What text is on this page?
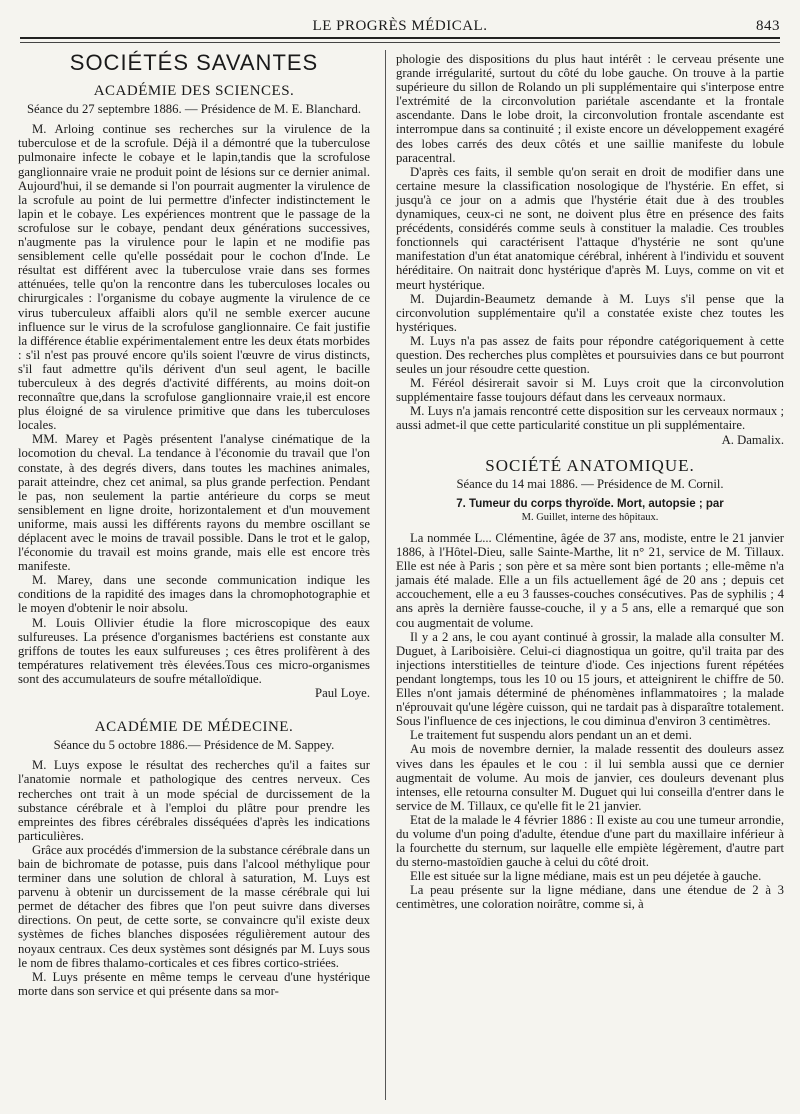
LE PROGRÈS MÉDICAL.	843
SOCIÉTÉS SAVANTES
ACADÉMIE DES SCIENCES.
Séance du 27 septembre 1886. — Présidence de M. E. Blanchard.

M. Arloing continue ses recherches sur la virulence de la tuberculose et de la scrofule. Déjà il a démontré que la tuberculose pulmonaire infecte le cobaye et le lapin,tandis que la scrofulose ganglionnaire vraie ne produit point de lésions sur ce dernier animal. Aujourd'hui, il se demande si l'on pourrait augmenter la virulence de la scrofule au point de lui permettre d'infecter indistinctement le lapin et le cobaye. Les expériences montrent que le passage de la scrofulose sur le cobaye, pendant deux générations successives, n'augmente pas la virulence pour le lapin et ne modifie pas sensiblement celle qu'elle possédait pour le cochon d'Inde. Le résultat est différent avec la tuberculose vraie dans ses formes atténuées, telle qu'on la rencontre dans les tuberculoses locales ou chirurgicales : l'organisme du cobaye augmente la virulence de ce virus tuberculeux affaibli alors qu'il ne semble exercer aucune influence sur le virus de la scrofulose ganglionnaire. Ce fait justifie la différence établie expérimentalement entre les deux états morbides : s'il n'est pas prouvé encore qu'ils soient l'œuvre de virus distincts, s'il faut admettre qu'ils dérivent d'un seul agent, le bacille tuberculeux à des degrés d'activité différents, au moins doit-on reconnaître que,dans la scrofulose ganglionnaire vraie,il est encore plus éloigné de sa virulence primitive que dans les tuberculoses locales.

MM. Marey et Pagès présentent l'analyse cinématique de la locomotion du cheval. La tendance à l'économie du travail que l'on constate, à des degrés divers, dans toutes les machines animales, parait atteindre, chez cet animal, sa plus grande perfection. Pendant le pas, non seulement la partie antérieure du corps se meut sensiblement en ligne droite, horizontalement et d'un mouvement uniforme, mais aussi les différents rayons du membre oscillant se déplacent avec le moins de travail possible. Dans le trot et le galop, l'économie du travail est moins grande, mais elle est encore très manifeste.

M. Marey, dans une seconde communication indique les conditions de la rapidité des images dans la chromophotographie et le moyen d'obtenir le noir absolu.

M. Louis Ollivier étudie la flore microscopique des eaux sulfureuses. La présence d'organismes bactériens est constante aux griffons de toutes les eaux sulfureuses ; ces êtres prolifèrent à des températures relativement très élevées.Tous ces micro-organismes sont des accumulateurs de soufre métalloïdique.

Paul Loye.

ACADÉMIE DE MÉDECINE.
Séance du 5 octobre 1886.— Présidence de M. Sappey.

M. Luys expose le résultat des recherches qu'il a faites sur l'anatomie normale et pathologique des centres nerveux. Ces recherches ont trait à un mode spécial de durcissement de la substance cérébrale et à l'emploi du plâtre pour prendre les empreintes des fibres cérébrales disséquées d'après les indications particulières.

Grâce aux procédés d'immersion de la substance cérébrale dans un bain de bichromate de potasse, puis dans l'alcool méthylique pour terminer dans une solution de chloral à saturation, M. Luys est parvenu à obtenir un durcissement de la masse cérébrale qui lui permet de détacher des fibres que l'on peut suivre dans diverses directions. On peut, de cette sorte, se convaincre qu'il existe deux systèmes de fiches blanches disposées régulièrement autour des noyaux centraux. Ces deux systèmes sont désignés par M. Luys sous le nom de fibres thalamo-corticales et ces fibres cortico-striées.

M. Luys présente en même temps le cerveau d'une hystérique morte dans son service et qui présente dans sa mor-

phologie des dispositions du plus haut intérêt : le cerveau présente une grande irrégularité, surtout du côté du lobe gauche. On trouve à la partie supérieure du sillon de Rolando un pli supplémentaire qui s'interpose entre l'extrémité de la circonvolution pariétale ascendante et la frontale ascendante. Dans le lobe droit, la circonvolution frontale ascendante est interrompue dans sa continuité ; il existe encore un développement exagéré des lobes carrés des deux côtés et une saillie manifeste du lobule paracentral.

D'après ces faits, il semble qu'on serait en droit de modifier dans une certaine mesure la classification nosologique de l'hystérie. En effet, si jusqu'à ce jour on a admis que l'hystérie était due à des troubles dynamiques, ceux-ci ne sont, ne doivent plus être en présence des faits précédents, considérés comme seuls à constituer la maladie. Ces troubles fonctionnels qui caractérisent l'attaque d'hystérie ne sont qu'une manifestation d'un état anatomique cérébral, inhérent à l'individu et souvent héréditaire. On naitrait donc hystérique d'après M. Luys, comme on vit et meurt hystérique.

M. Dujardin-Beaumetz demande à M. Luys s'il pense que la circonvolution supplémentaire qu'il a constatée existe chez toutes les hystériques.

M. Luys n'a pas assez de faits pour répondre catégoriquement à cette question. Des recherches plus complètes et poursuivies dans ce but pourront seules un jour résoudre cette question.

M. Féréol désirerait savoir si M. Luys croit que la circonvolution supplémentaire fasse toujours défaut dans les cerveaux normaux.

M. Luys n'a jamais rencontré cette disposition sur les cerveaux normaux ; aussi admet-il que cette particularité constitue un pli supplémentaire.

A. Damalix.

SOCIÉTÉ ANATOMIQUE.
Séance du 14 mai 1886. — Présidence de M. Cornil.
7. Tumeur du corps thyroïde. Mort, autopsie ; par
M. Guillet, interne des hôpitaux.

La nommée L... Clémentine, âgée de 37 ans, modiste, entre le 21 janvier 1886, à l'Hôtel-Dieu, salle Sainte-Marthe, lit n° 21, service de M. Tillaux. Elle est née à Paris ; son père et sa mère sont bien portants ; elle-même n'a jamais été malade. Elle a un fils actuellement âgé de 20 ans ; depuis cet accouchement, elle a eu 3 fausses-couches consécutives. Pas de syphilis ; 4 ans après la dernière fausse-couche, il y a 5 ans, elle a remarqué que son cou augmentait de volume.

Il y a 2 ans, le cou ayant continué à grossir, la malade alla consulter M. Duguet, à Lariboisière. Celui-ci diagnostiqua un goitre, qu'il traita par des injections interstitielles de teinture d'iode. Ces injections furent répétées pendant longtemps, tous les 10 ou 15 jours, et atteignirent le chiffre de 50. Elles n'ont jamais déterminé de phénomènes inflammatoires ; la malade n'éprouvait qu'une légère cuisson, qui ne tardait pas à disparaître totalement. Sous l'influence de ces injections, le cou diminua d'environ 3 centimètres.

Le traitement fut suspendu alors pendant un an et demi.

Au mois de novembre dernier, la malade ressentit des douleurs assez vives dans les épaules et le cou : il lui sembla aussi que ce dernier augmentait de volume. Au mois de janvier, ces douleurs devenant plus intenses, elle retourna consulter M. Duguet qui lui conseilla d'entrer dans le service de M. Tillaux, ce qu'elle fit le 21 janvier.

Etat de la malade le 4 février 1886 : Il existe au cou une tumeur arrondie, du volume d'un poing d'adulte, étendue d'une part du maxillaire inférieur à la fourchette du sternum, sur laquelle elle empiète légèrement, d'autre part du sterno-mastoïdien gauche à celui du côté droit.

Elle est située sur la ligne médiane, mais est un peu déjetée à gauche.

La peau présente sur la ligne médiane, dans une étendue de 2 à 3 centimètres, une coloration noirâtre, comme si, à
